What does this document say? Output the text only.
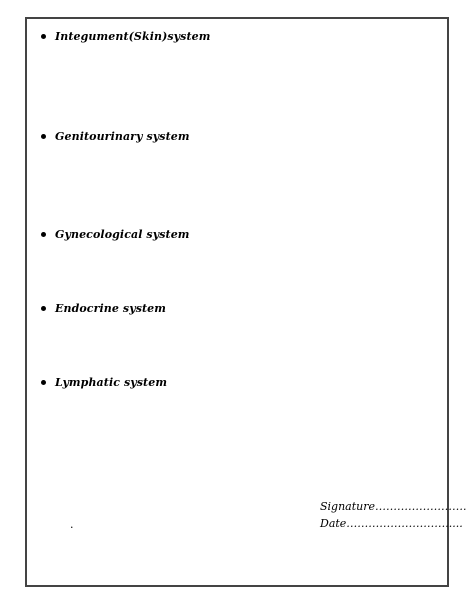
Integument(Skin)system
Genitourinary system
Gynecological system
Endocrine system
Lymphatic system
.
Signature…………………….
Date……………………….....
